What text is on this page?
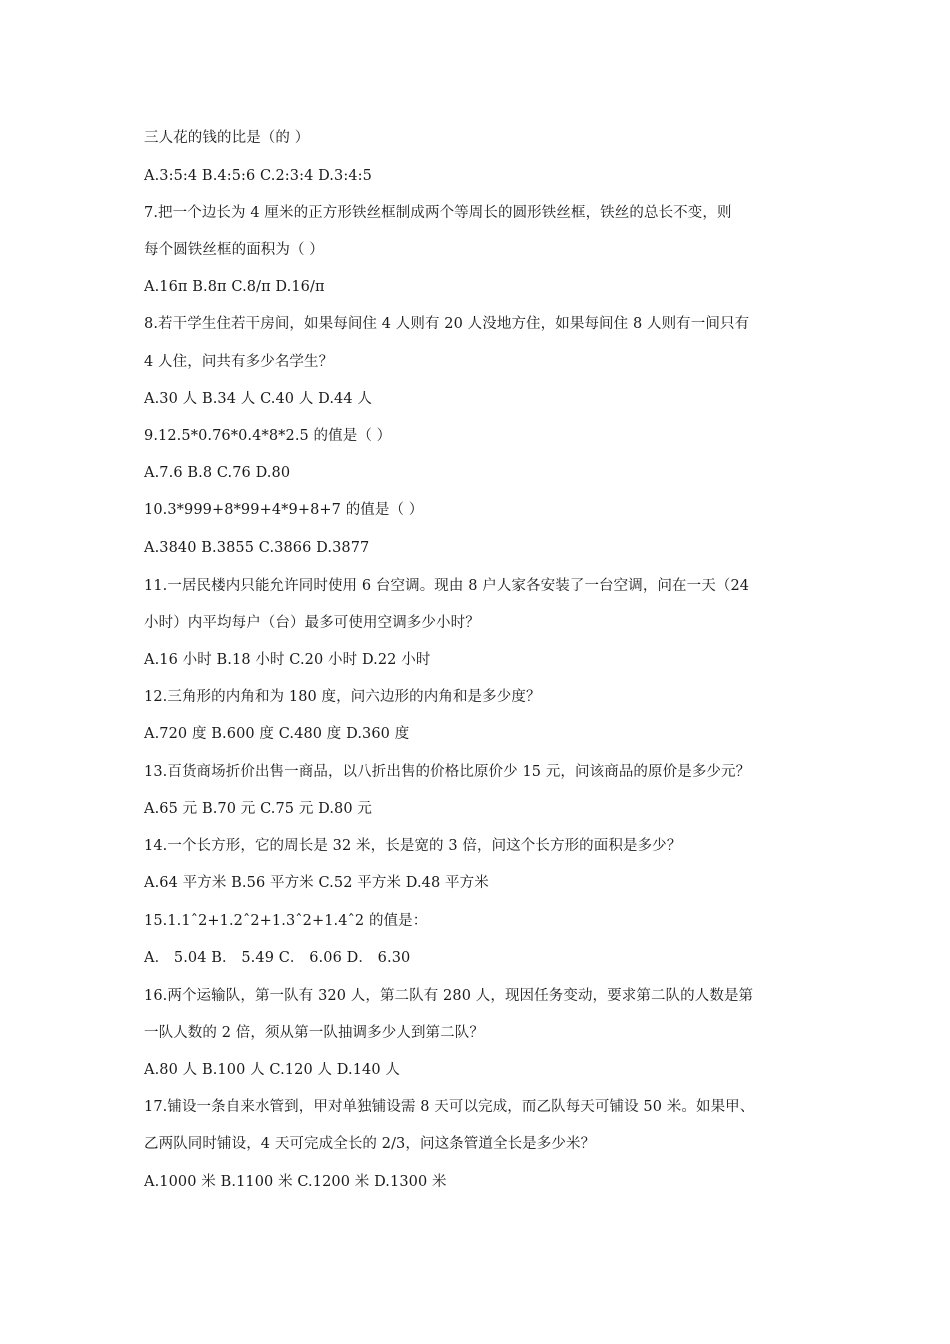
三人花的钱的比是（的 ）
A.3:5:4 B.4:5:6 C.2:3:4 D.3:4:5
7.把一个边长为 4 厘米的正方形铁丝框制成两个等周长的圆形铁丝框，铁丝的总长不变，则
每个圆铁丝框的面积为（ ）
A.16π B.8π C.8/π D.16/π
8.若干学生住若干房间，如果每间住 4 人则有 20 人没地方住，如果每间住 8 人则有一间只有
4 人住，问共有多少名学生？
A.30 人 B.34 人 C.40 人 D.44 人
9.12.5*0.76*0.4*8*2.5 的值是（ ）
A.7.6 B.8 C.76 D.80
10.3*999+8*99+4*9+8+7 的值是（ ）
A.3840 B.3855 C.3866 D.3877
11.一居民楼内只能允许同时使用 6 台空调。现由 8 户人家各安装了一台空调，问在一天（24
小时）内平均每户（台）最多可使用空调多少小时？
A.16 小时 B.18 小时 C.20 小时 D.22 小时
12.三角形的内角和为 180 度，问六边形的内角和是多少度？
A.720 度 B.600 度 C.480 度 D.360 度
13.百货商场折价出售一商品，以八折出售的价格比原价少 15 元，问该商品的原价是多少元？
A.65 元 B.70 元 C.75 元 D.80 元
14.一个长方形，它的周长是 32 米，长是宽的 3 倍，问这个长方形的面积是多少？
A.64 平方米 B.56 平方米 C.52 平方米 D.48 平方米
15.1.1ˆ2+1.2ˆ2+1.3ˆ2+1.4ˆ2 的值是：
A． 5.04 B． 5.49 C． 6.06 D． 6.30
16.两个运输队，第一队有 320 人，第二队有 280 人，现因任务变动，要求第二队的人数是第
一队人数的 2 倍，须从第一队抽调多少人到第二队？
A.80 人 B.100 人 C.120 人 D.140 人
17.铺设一条自来水管到，甲对单独铺设需 8 天可以完成，而乙队每天可铺设 50 米。如果甲、
乙两队同时铺设，4 天可完成全长的 2/3，问这条管道全长是多少米？
A.1000 米 B.1100 米 C.1200 米 D.1300 米
